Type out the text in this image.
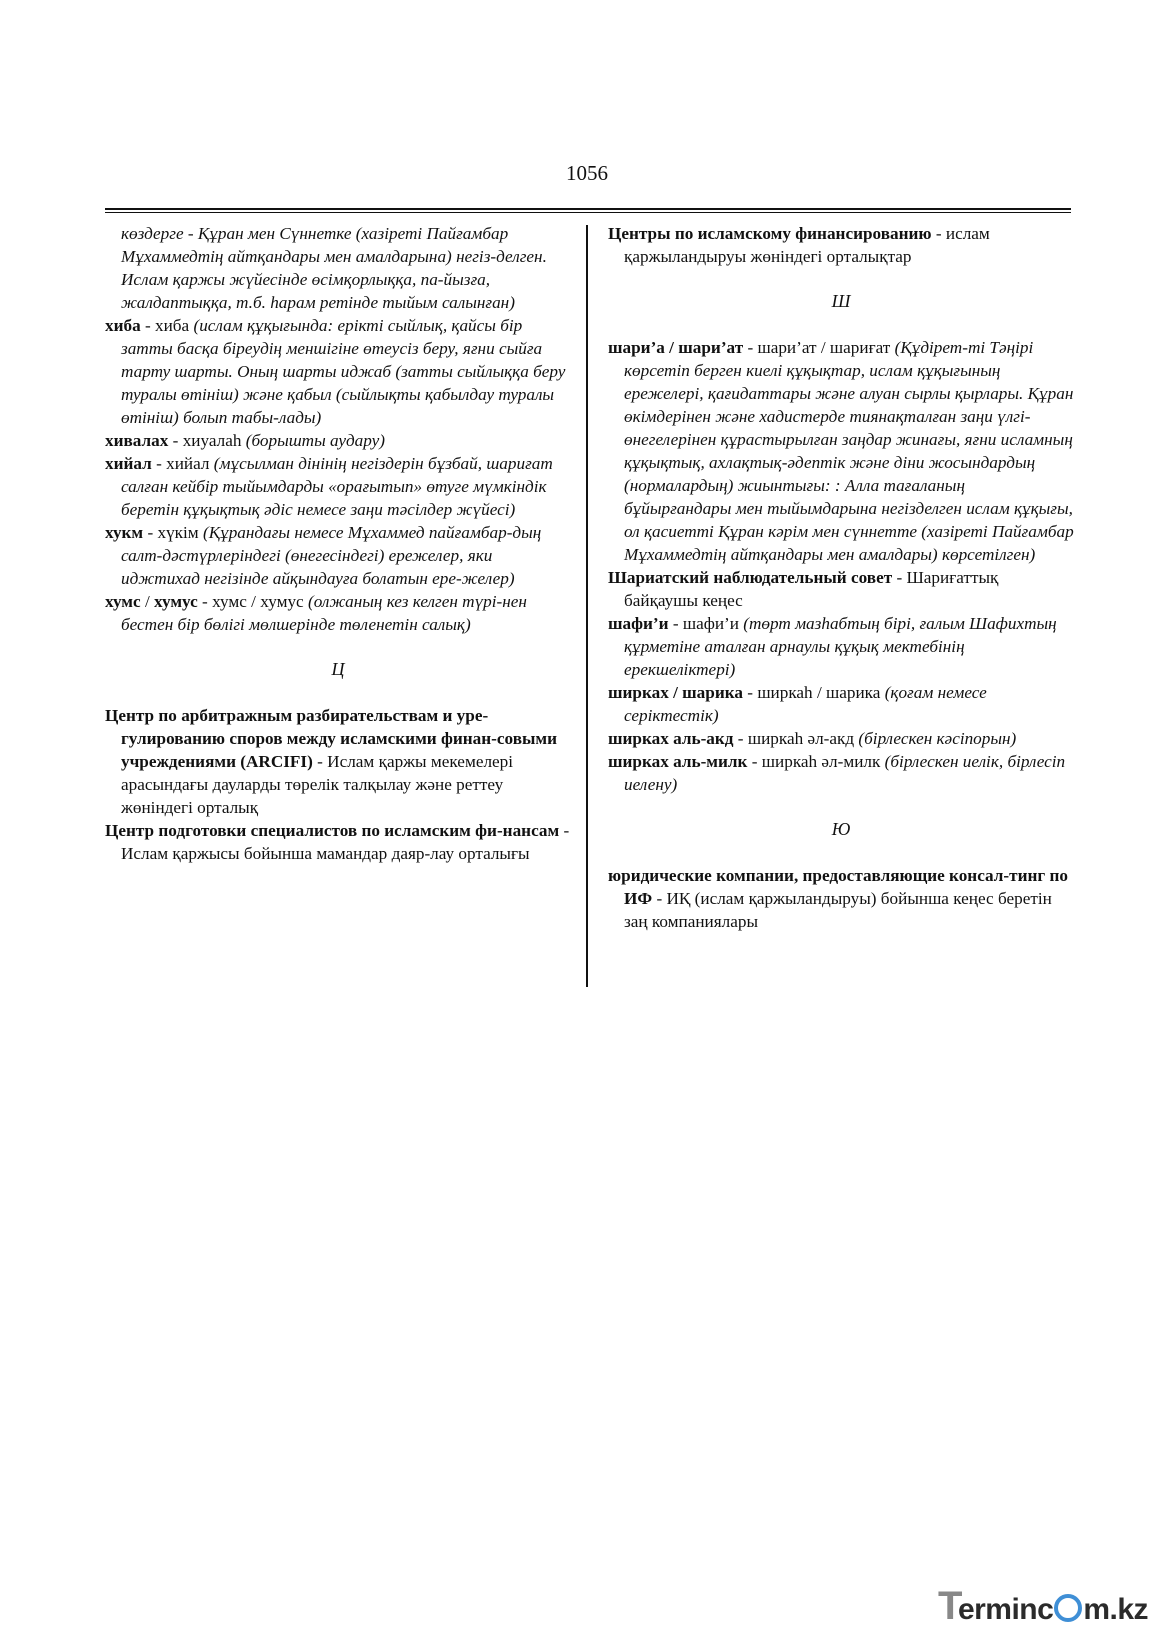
1056
көздерге - Құран мен Сүннетке (хазіреті Пайғамбар Мұхаммедтің айтқандары мен амалдарына) негіз-делген. Ислам қаржы жүйесінде өсімқорлыққа, па-йызға, жалдаптыққа, т.б. һарам ретінде тыйым салынған)
хиба - хиба (ислам құқығында: ерікті сыйлық, қайсы бір затты басқа біреудің меншігіне өтеусіз беру, яғни сыйға тарту шарты. Оның шарты иджаб (затты сыйлыққа беру туралы өтініш) және қабыл (сыйлықты қабылдау туралы өтініш) болып табы-лады)
хивалах - хиуалаһ (борышты аудару)
хийал - хийал (мұсылман дінінің негіздерін бұзбай, шариғат салған кейбір тыйымдарды «орағытып» өтуге мүмкіндік беретін құқықтық әдіс немесе заңи тәсілдер жүйесі)
хукм - хүкім (Құрандағы немесе Мұхаммед пайғамбар-дың салт-дәстүрлеріндегі (өнегесіндегі) ережелер, яки иджтихад негізінде айқындауға болатын ере-желер)
хумс / хумус - хумс / хумус (олжаның кез келген түрі-нен бестен бір бөлігі мөлшерінде төленетін салық)
Ц
Центр по арбитражным разбирательствам и уре-гулированию споров между исламскими финан-совыми учреждениями (ARCIFI) - Ислам қаржы мекемелері арасындағы дауларды төрелік талқылау және реттеу жөніндегі орталық
Центр подготовки специалистов по исламским фи-нансам - Ислам қаржысы бойынша мамандар даяр-лау орталығы
Центры по исламскому финансированию - ислам қаржыландыруы жөніндегі орталықтар
Ш
шари’а / шари’ат - шари’ат / шариғат (Құдірет-ті Тәңірі көрсетіп берген киелі құқықтар, ислам құқығының ережелері, қағидаттары және алуан сырлы қырлары. Құран өкімдерінен және хадистерде тиянақталған заңи үлгі-өнегелерінен құрастырылған заңдар жинағы, яғни исламның құқықтық, ахлақтық-әдептік және діни жосындардың (нормалардың) жиынтығы: : Алла тағаланың бұйырғандары мен тыйымдарына негізделген ислам құқығы, ол қасиетті Құран кәрім мен сүннетте (хазіреті Пайғамбар Мұхаммедтің айтқандары мен амалдары) көрсетілген)
Шариатский наблюдательный совет - Шариғаттық байқаушы кеңес
шафи’и - шафи’и (төрт мазһабтың бірі, ғалым Шафихтың құрметіне аталған арнаулы құқық мектебінің ерекшеліктері)
ширках / шарика - ширкаһ / шарика (қоғам немесе серіктестік)
ширках аль-акд - ширкаһ әл-акд (бірлескен кәсіпорын)
ширках аль-милк - ширкаһ әл-милк (бірлескен иелік, бірлесіп иелену)
Ю
юридические компании, предоставляющие консал-тинг по ИФ - ИҚ (ислам қаржыландыруы) бойынша кеңес беретін заң компаниялары
Terminc m.kz
